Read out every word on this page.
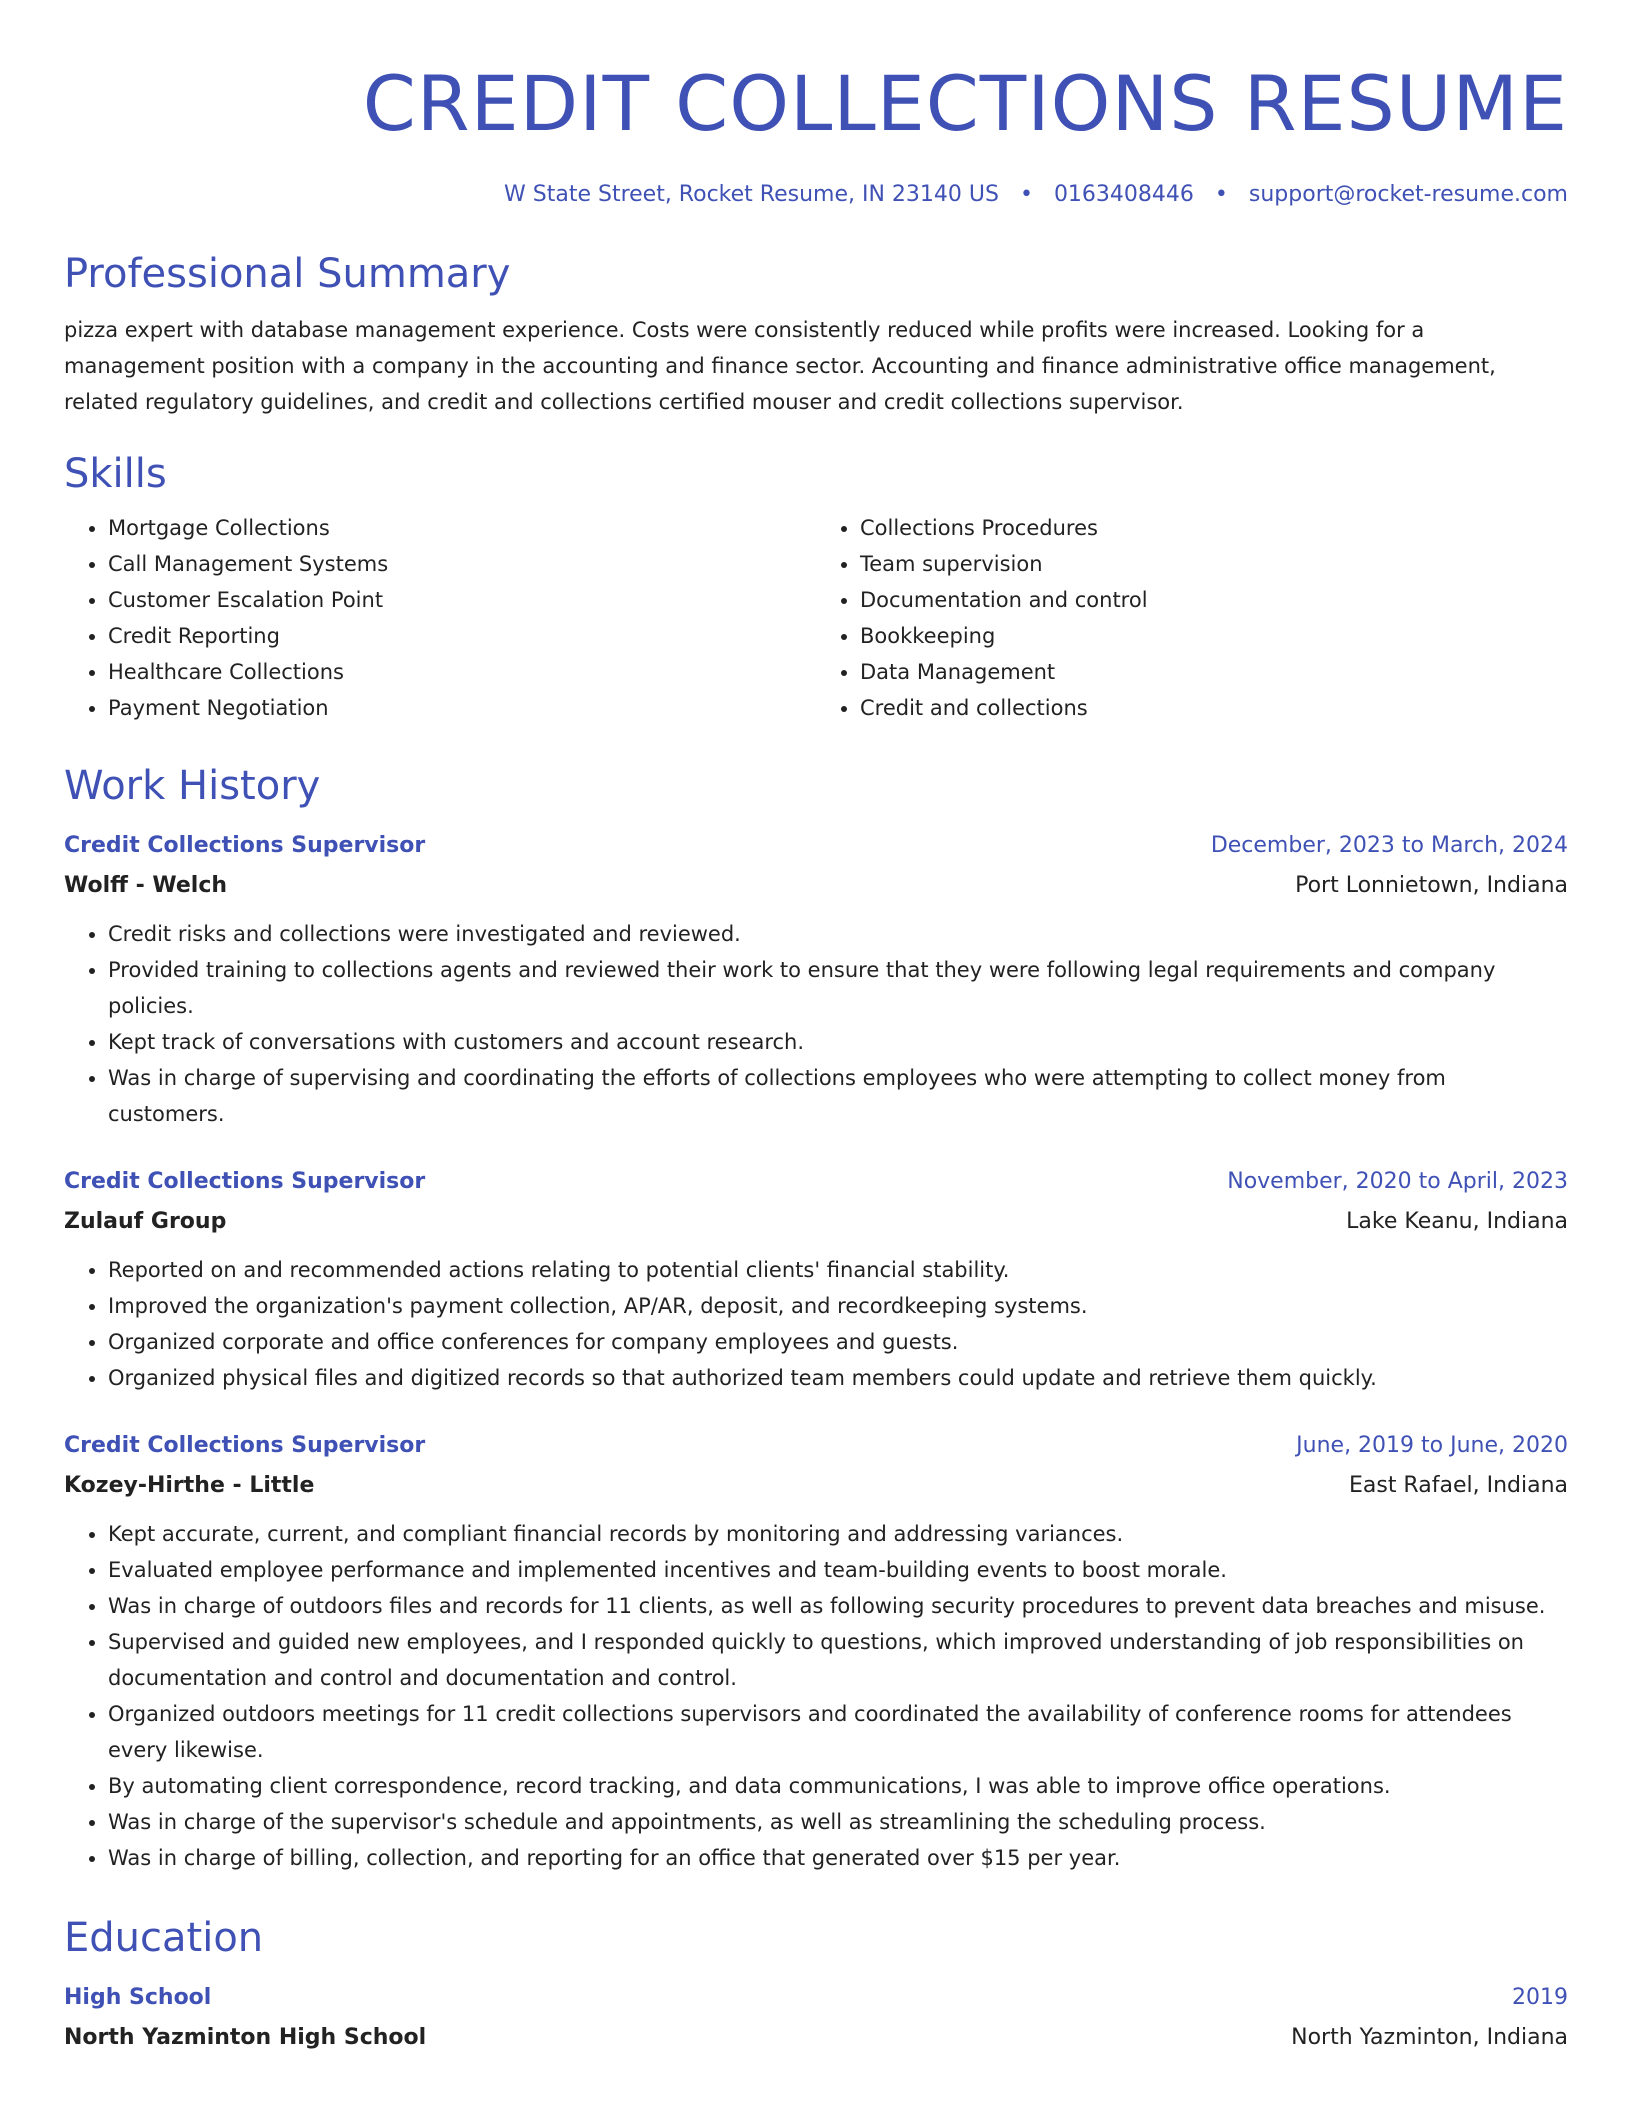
CREDIT COLLECTIONS RESUME
W State Street, Rocket Resume, IN 23140 US • 0163408446 • support@rocket-resume.com
Professional Summary

pizza expert with database management experience. Costs were consistently reduced while profits were increased. Looking for a management position with a company in the accounting and finance sector. Accounting and finance administrative office management, related regulatory guidelines, and credit and collections certified mouser and credit collections supervisor.

Skills
• Mortgage Collections
• Call Management Systems
• Customer Escalation Point
• Credit Reporting
• Healthcare Collections
• Payment Negotiation
• Collections Procedures
• Team supervision
• Documentation and control
• Bookkeeping
• Data Management
• Credit and collections
Work History
Credit Collections Supervisor	December, 2023 to March, 2024
Wolff - Welch	Port Lonnietown, Indiana
• Credit risks and collections were investigated and reviewed.
• Provided training to collections agents and reviewed their work to ensure that they were following legal requirements and company policies.
• Kept track of conversations with customers and account research.
• Was in charge of supervising and coordinating the efforts of collections employees who were attempting to collect money from customers.
Credit Collections Supervisor	November, 2020 to April, 2023
Zulauf Group	Lake Keanu, Indiana
• Reported on and recommended actions relating to potential clients' financial stability.
• Improved the organization's payment collection, AP/AR, deposit, and recordkeeping systems.
• Organized corporate and office conferences for company employees and guests.
• Organized physical files and digitized records so that authorized team members could update and retrieve them quickly.
Credit Collections Supervisor	June, 2019 to June, 2020
Kozey-Hirthe - Little	East Rafael, Indiana
• Kept accurate, current, and compliant financial records by monitoring and addressing variances.
• Evaluated employee performance and implemented incentives and team-building events to boost morale.
• Was in charge of outdoors files and records for 11 clients, as well as following security procedures to prevent data breaches and misuse.
• Supervised and guided new employees, and I responded quickly to questions, which improved understanding of job responsibilities on documentation and control and documentation and control.
• Organized outdoors meetings for 11 credit collections supervisors and coordinated the availability of conference rooms for attendees every likewise.
• By automating client correspondence, record tracking, and data communications, I was able to improve office operations.
• Was in charge of the supervisor's schedule and appointments, as well as streamlining the scheduling process.
• Was in charge of billing, collection, and reporting for an office that generated over $15 per year.
Education
High School	2019
North Yazminton High School	North Yazminton, Indiana
